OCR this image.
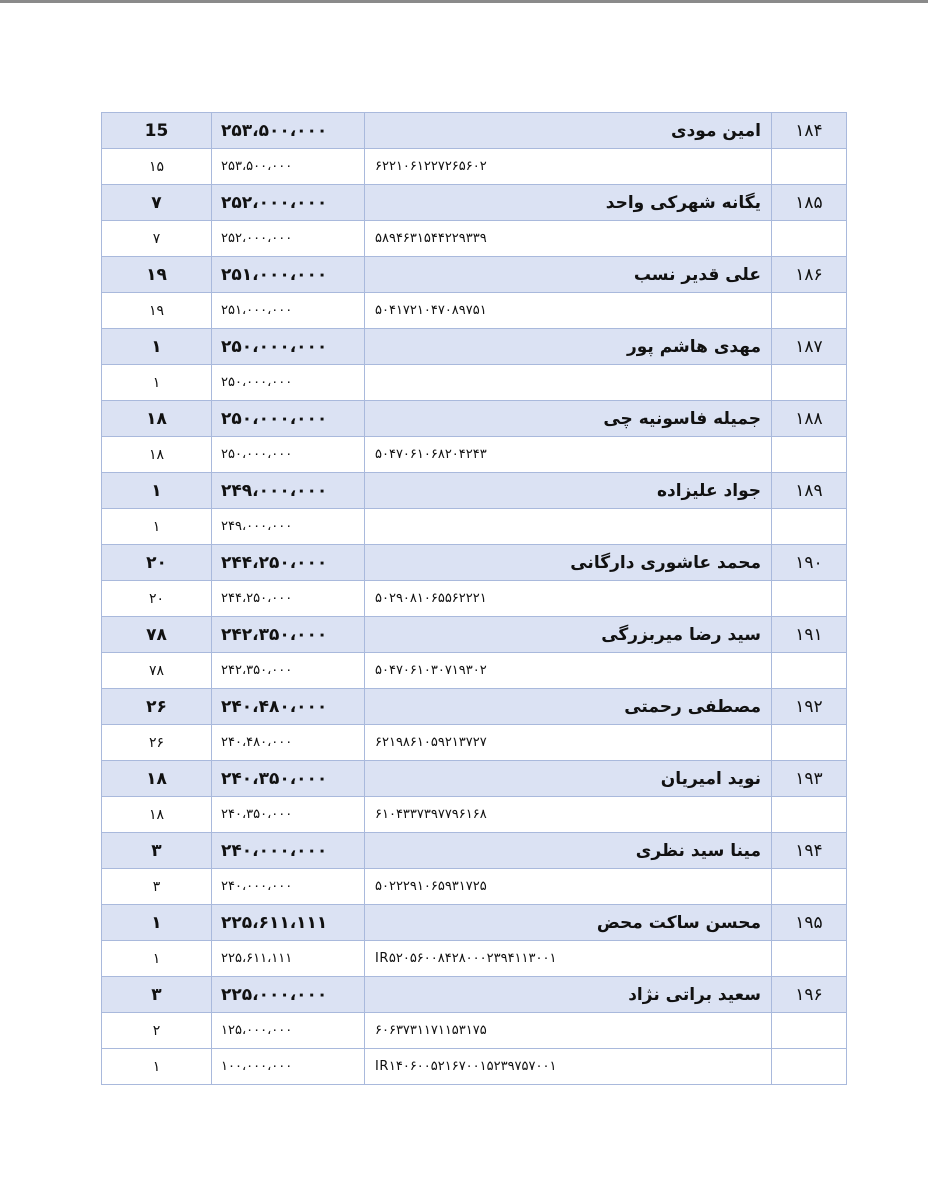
15	۲۵۳،۵۰۰،۰۰۰	امین مودی	۱۸۴
۱۵	۲۵۳،۵۰۰،۰۰۰	۶۲۲۱۰۶۱۲۲۷۲۶۵۶۰۲	
۷	۲۵۲،۰۰۰،۰۰۰	یگانه شهرکی واحد	۱۸۵
۷	۲۵۲،۰۰۰،۰۰۰	۵۸۹۴۶۳۱۵۴۴۲۲۹۳۳۹	
۱۹	۲۵۱،۰۰۰،۰۰۰	علی قدیر نسب	۱۸۶
۱۹	۲۵۱،۰۰۰،۰۰۰	۵۰۴۱۷۲۱۰۴۷۰۸۹۷۵۱	
۱	۲۵۰،۰۰۰،۰۰۰	مهدی هاشم پور	۱۸۷
۱	۲۵۰،۰۰۰،۰۰۰		
۱۸	۲۵۰،۰۰۰،۰۰۰	جمیله فاسونیه چی	۱۸۸
۱۸	۲۵۰،۰۰۰،۰۰۰	۵۰۴۷۰۶۱۰۶۸۲۰۴۲۴۳	
۱	۲۴۹،۰۰۰،۰۰۰	جواد علیزاده	۱۸۹
۱	۲۴۹،۰۰۰،۰۰۰		
۲۰	۲۴۴،۲۵۰،۰۰۰	محمد عاشوری دارگانی	۱۹۰
۲۰	۲۴۴،۲۵۰،۰۰۰	۵۰۲۹۰۸۱۰۶۵۵۶۲۲۲۱	
۷۸	۲۴۲،۳۵۰،۰۰۰	سید رضا میربزرگی	۱۹۱
۷۸	۲۴۲،۳۵۰،۰۰۰	۵۰۴۷۰۶۱۰۳۰۷۱۹۳۰۲	
۲۶	۲۴۰،۴۸۰،۰۰۰	مصطفی رحمتی	۱۹۲
۲۶	۲۴۰،۴۸۰،۰۰۰	۶۲۱۹۸۶۱۰۵۹۲۱۳۷۲۷	
۱۸	۲۴۰،۳۵۰،۰۰۰	نوید امیریان	۱۹۳
۱۸	۲۴۰،۳۵۰،۰۰۰	۶۱۰۴۳۳۷۳۹۷۷۹۶۱۶۸	
۳	۲۴۰،۰۰۰،۰۰۰	مینا سید نظری	۱۹۴
۳	۲۴۰،۰۰۰،۰۰۰	۵۰۲۲۲۹۱۰۶۵۹۳۱۷۲۵	
۱	۲۲۵،۶۱۱،۱۱۱	محسن ساکت محض	۱۹۵
۱	۲۲۵،۶۱۱،۱۱۱	IR۵۲۰۵۶۰۰۸۴۲۸۰۰۰۲۳۹۴۱۱۳۰۰۱	
۳	۲۲۵،۰۰۰،۰۰۰	سعید براتی نژاد	۱۹۶
۲	۱۲۵،۰۰۰،۰۰۰	۶۰۶۳۷۳۱۱۷۱۱۵۳۱۷۵	
۱	۱۰۰،۰۰۰،۰۰۰	IR۱۴۰۶۰۰۵۲۱۶۷۰۰۱۵۲۳۹۷۵۷۰۰۱	
